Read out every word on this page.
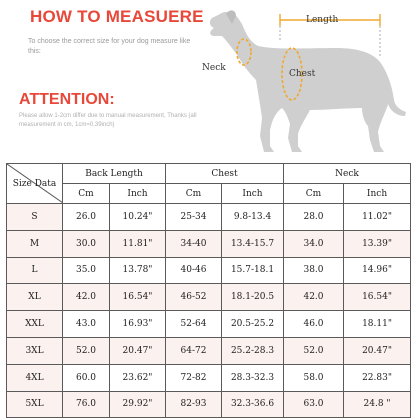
HOW TO MEASUERE
To choose the correct size for your dog measure like this:
ATTENTION:
Please allow 1-2cm differ due to manual measurement, Thanks (all measurement in cm, 1cm=0.39inch)
Length
Neck
Chest
Size Data	Back Length		Chest		Neck	
	Cm	Inch	Cm	Inch	Cm	Inch
S	26.0	10.24"	25-34	9.8-13.4	28.0	11.02"
M	30.0	11.81"	34-40	13.4-15.7	34.0	13.39"
L	35.0	13.78"	40-46	15.7-18.1	38.0	14.96"
XL	42.0	16.54"	46-52	18.1-20.5	42.0	16.54"
XXL	43.0	16.93"	52-64	20.5-25.2	46.0	18.11"
3XL	52.0	20.47"	64-72	25.2-28.3	52.0	20.47"
4XL	60.0	23.62"	72-82	28.3-32.3	58.0	22.83"
5XL	76.0	29.92"	82-93	32.3-36.6	63.0	24.8 "
